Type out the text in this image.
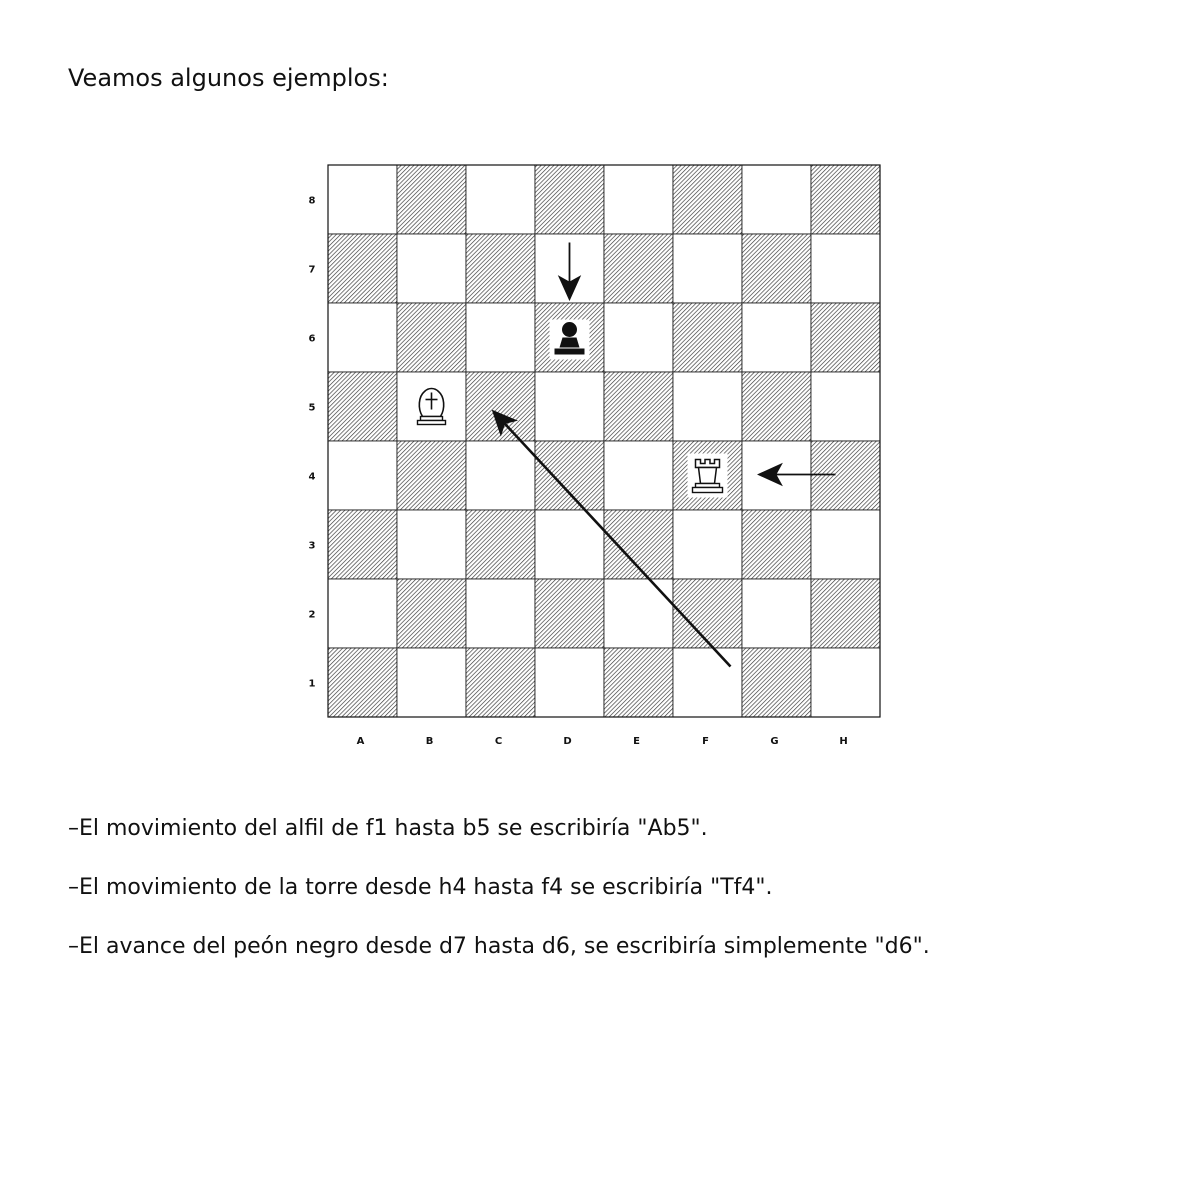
Veamos algunos ejemplos:

8
7
6
5
4
3
2
1
A	B	C	D	E	F	G	H

–El movimiento del alfil de f1 hasta b5 se escribiría "Ab5".

–El movimiento de la torre desde h4 hasta f4 se escribiría "Tf4".

–El avance del peón negro desde d7 hasta d6, se escribiría simplemente "d6".
